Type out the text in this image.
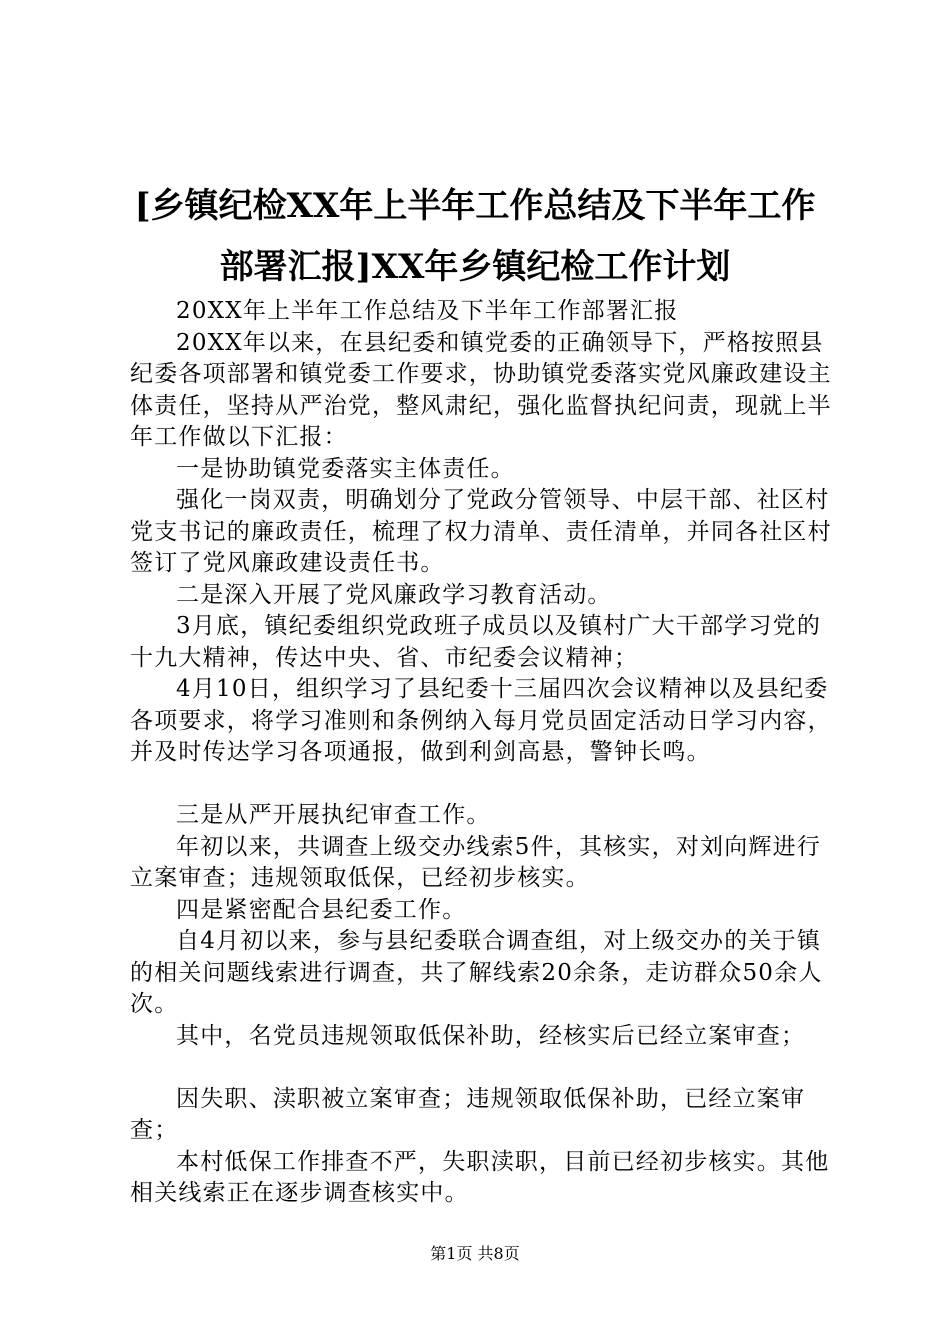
[乡镇纪检XX年上半年工作总结及下半年工作
部署汇报]XX年乡镇纪检工作计划

20XX年上半年工作总结及下半年工作部署汇报

20XX年以来，在县纪委和镇党委的正确领导下，严格按照县纪委各项部署和镇党委工作要求，协助镇党委落实党风廉政建设主体责任，坚持从严治党，整风肃纪，强化监督执纪问责，现就上半年工作做以下汇报：

一是协助镇党委落实主体责任。

强化一岗双责，明确划分了党政分管领导、中层干部、社区村党支书记的廉政责任，梳理了权力清单、责任清单，并同各社区村签订了党风廉政建设责任书。

二是深入开展了党风廉政学习教育活动。

3月底，镇纪委组织党政班子成员以及镇村广大干部学习党的十九大精神，传达中央、省、市纪委会议精神；

4月10日，组织学习了县纪委十三届四次会议精神以及县纪委各项要求，将学习准则和条例纳入每月党员固定活动日学习内容，并及时传达学习各项通报，做到利剑高悬，警钟长鸣。

三是从严开展执纪审查工作。

年初以来，共调查上级交办线索5件，其核实，对刘向辉进行立案审查；违规领取低保，已经初步核实。

四是紧密配合县纪委工作。

自4月初以来，参与县纪委联合调查组，对上级交办的关于镇的相关问题线索进行调查，共了解线索20余条，走访群众50余人次。

其中，名党员违规领取低保补助，经核实后已经立案审查；

因失职、渎职被立案审查；违规领取低保补助，已经立案审查；

本村低保工作排查不严，失职渎职，目前已经初步核实。其他相关线索正在逐步调查核实中。

第1页 共8页
